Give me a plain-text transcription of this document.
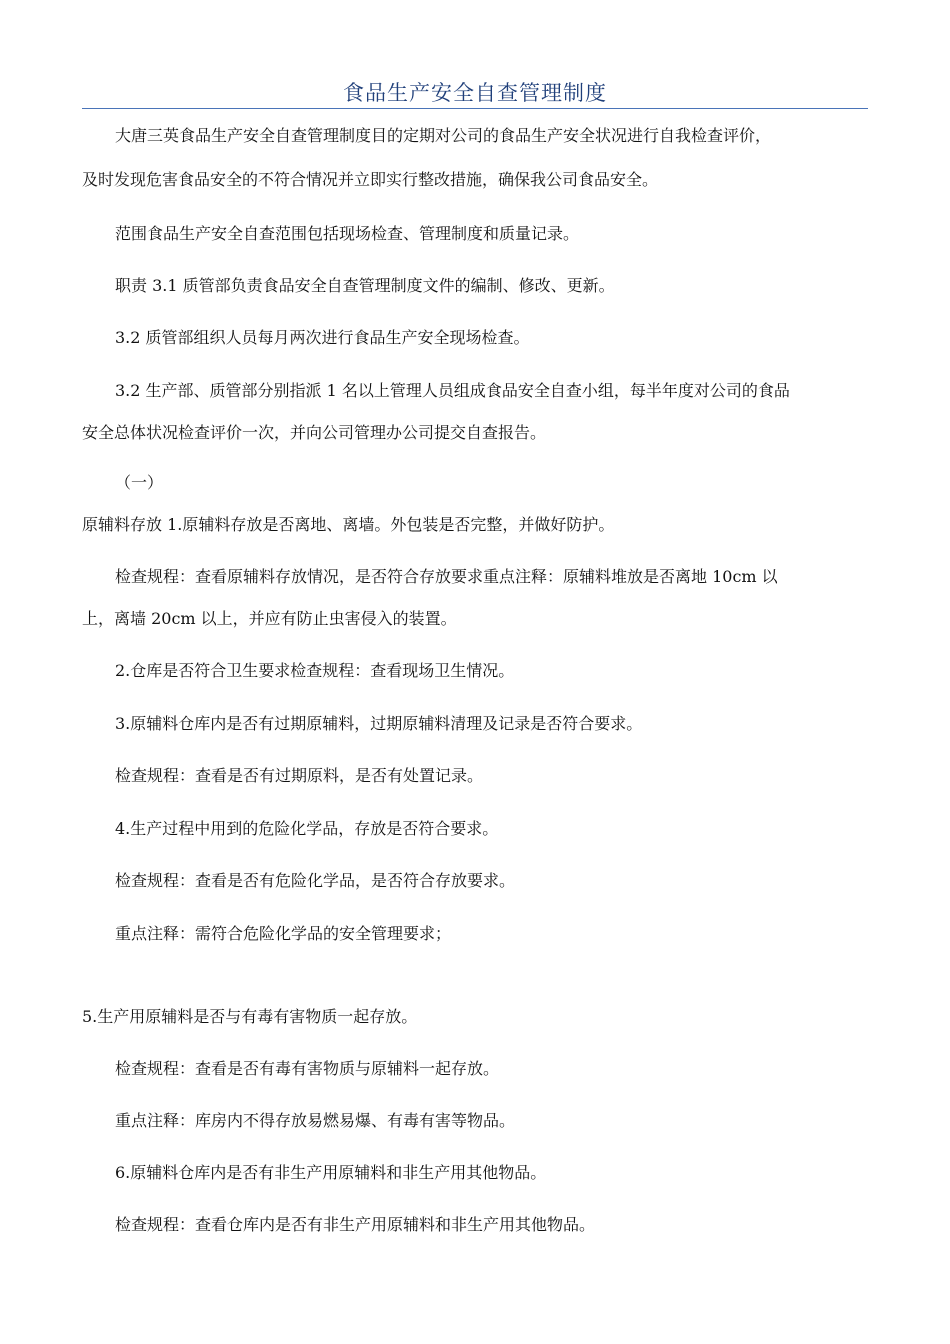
食品生产安全自查管理制度
大唐三英食品生产安全自查管理制度目的定期对公司的食品生产安全状况进行自我检查评价，
及时发现危害食品安全的不符合情况并立即实行整改措施，确保我公司食品安全。
范围食品生产安全自查范围包括现场检查、管理制度和质量记录。
职责 3.1 质管部负责食品安全自查管理制度文件的编制、修改、更新。
3.2 质管部组织人员每月两次进行食品生产安全现场检查。
3.2 生产部、质管部分别指派 1 名以上管理人员组成食品安全自查小组，每半年度对公司的食品
安全总体状况检查评价一次，并向公司管理办公司提交自查报告。
（一）
原辅料存放 1.原辅料存放是否离地、离墙。外包装是否完整，并做好防护。
检查规程：查看原辅料存放情况，是否符合存放要求重点注释：原辅料堆放是否离地 10cm 以
上，离墙 20cm 以上，并应有防止虫害侵入的装置。
2.仓库是否符合卫生要求检查规程：查看现场卫生情况。
3.原辅料仓库内是否有过期原辅料，过期原辅料清理及记录是否符合要求。
检查规程：查看是否有过期原料，是否有处置记录。
4.生产过程中用到的危险化学品，存放是否符合要求。
检查规程：查看是否有危险化学品，是否符合存放要求。
重点注释：需符合危险化学品的安全管理要求；
5.生产用原辅料是否与有毒有害物质一起存放。
检查规程：查看是否有毒有害物质与原辅料一起存放。
重点注释：库房内不得存放易燃易爆、有毒有害等物品。
6.原辅料仓库内是否有非生产用原辅料和非生产用其他物品。
检查规程：查看仓库内是否有非生产用原辅料和非生产用其他物品。
